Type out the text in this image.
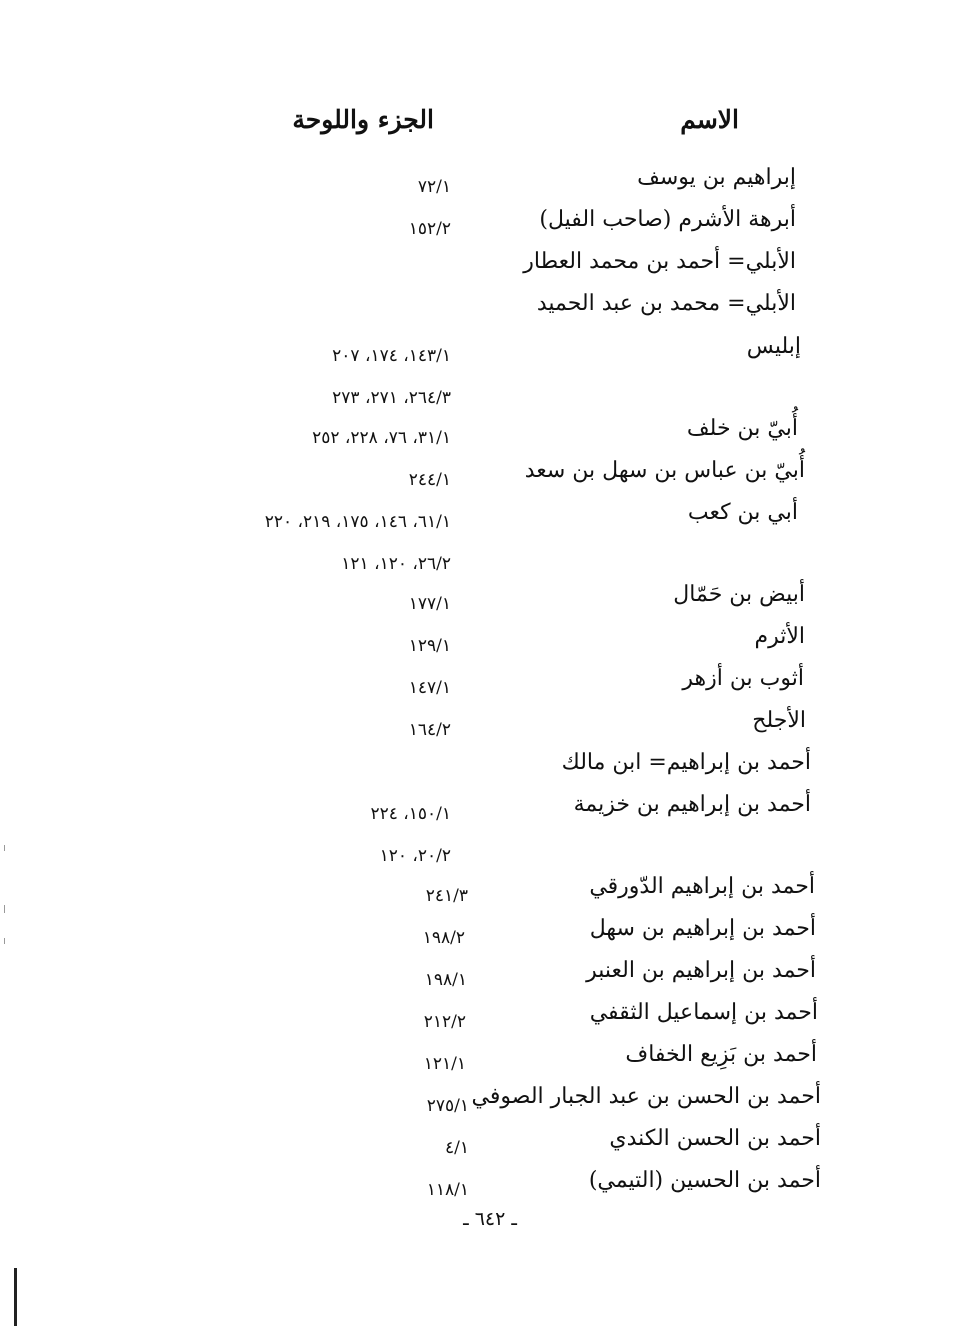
الاسم
الجزء واللوحة
إبراهيم بن يوسف
٧٢/١
أبرهة الأشرم (صاحب الفيل)
١٥٢/٢
الأبلي= أحمد بن محمد العطار
الأبلي= محمد بن عبد الحميد
إبليس
١٤٣/١، ١٧٤، ٢٠٧
٢٦٤/٣، ٢٧١، ٢٧٣
أُبيّ بن خلف
٣١/١، ٧٦، ٢٢٨، ٢٥٢
أُبيّ بن عباس بن سهل بن سعد
٢٤٤/١
أبي بن كعب
٦١/١، ١٤٦، ١٧٥، ٢١٩، ٢٢٠
٢٦/٢، ١٢٠، ١٢١
أبيض بن حَمّال
١٧٧/١
الأثرم
١٢٩/١
أثوب بن أزهر
١٤٧/١
الأجلح
١٦٤/٢
أحمد بن إبراهيم= ابن مالك
أحمد بن إبراهيم بن خزيمة
١٥٠/١، ٢٢٤
٢٠/٢، ١٢٠
أحمد بن إبراهيم الدّورقي
٢٤١/٣
أحمد بن إبراهيم بن سهل
١٩٨/٢
أحمد بن إبراهيم بن العنبر
١٩٨/١
أحمد بن إسماعيل الثقفي
٢١٢/٢
أحمد بن بَزِيع الخفاف
١٢١/١
أحمد بن الحسن بن عبد الجبار الصوفي
٢٧٥/١
أحمد بن الحسن الكندي
٤/١
أحمد بن الحسين (التيمي)
١١٨/١
ـ ٦٤٢ ـ
